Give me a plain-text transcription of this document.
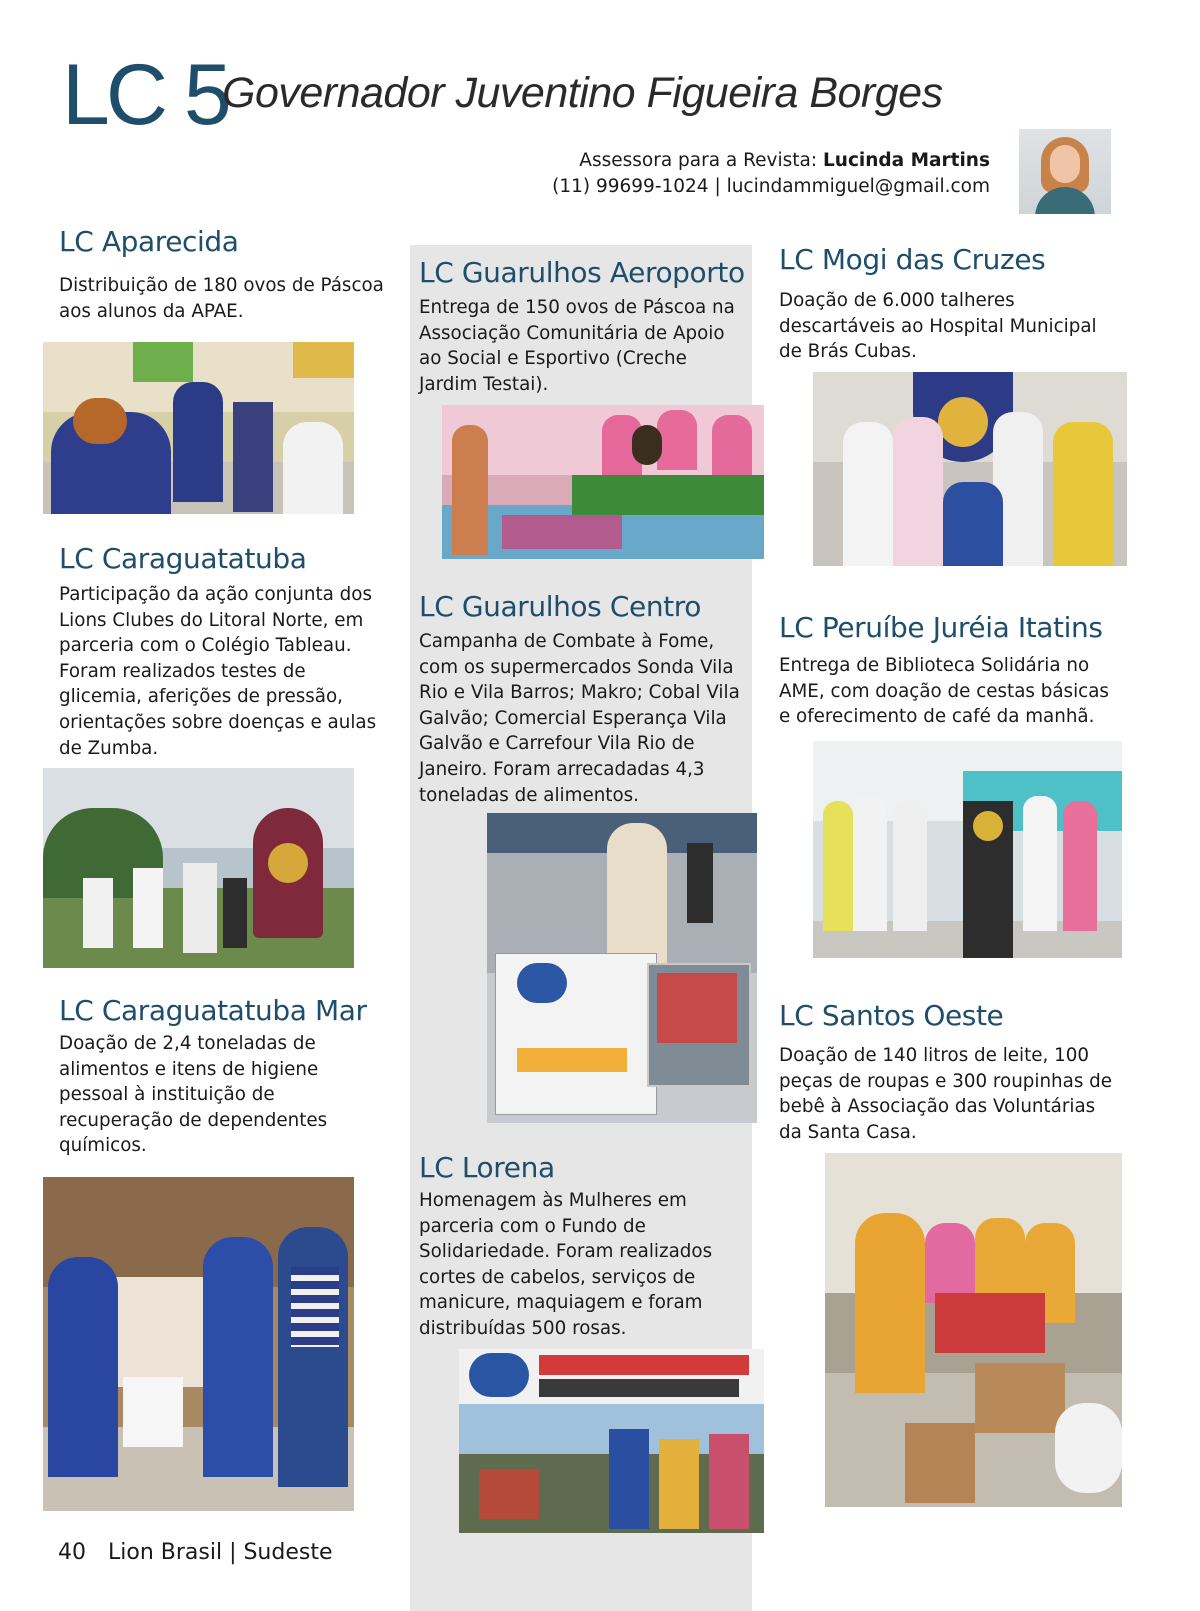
LC 5
Governador Juventino Figueira Borges
Assessora para a Revista: Lucinda Martins
(11) 99699-1024 | lucindammiguel@gmail.com
LC Aparecida
Distribuição de 180 ovos de Páscoa aos alunos da APAE.
LC Caraguatatuba
Participação da ação conjunta dos Lions Clubes do Litoral Norte, em parceria com o Colégio Tableau. Foram realizados testes de glicemia, aferições de pressão, orientações sobre doenças e aulas de Zumba.
LC Caraguatatuba Mar
Doação de 2,4 toneladas de alimentos e itens de higiene pessoal à instituição de recuperação de dependentes químicos.
LC Guarulhos Aeroporto
Entrega de 150 ovos de Páscoa na Associação Comunitária de Apoio ao Social e Esportivo (Creche Jardim Testai).
LC Guarulhos Centro
Campanha de Combate à Fome, com os supermercados Sonda Vila Rio e Vila Barros; Makro; Cobal Vila Galvão; Comercial Esperança Vila Galvão e Carrefour Vila Rio de Janeiro. Foram arrecadadas 4,3 toneladas de alimentos.
LC Lorena
Homenagem às Mulheres em parceria com o Fundo de Solidariedade. Foram realizados cortes de cabelos, serviços de manicure, maquiagem e foram distribuídas 500 rosas.
LC Mogi das Cruzes
Doação de 6.000 talheres descartáveis ao Hospital Municipal de Brás Cubas.
LC Peruíbe Juréia Itatins
Entrega de Biblioteca Solidária no AME, com doação de cestas básicas e oferecimento de café da manhã.
LC Santos Oeste
Doação de 140 litros de leite, 100 peças de roupas e 300 roupinhas de bebê à Associação das Voluntárias da Santa Casa.
40 Lion Brasil | Sudeste
